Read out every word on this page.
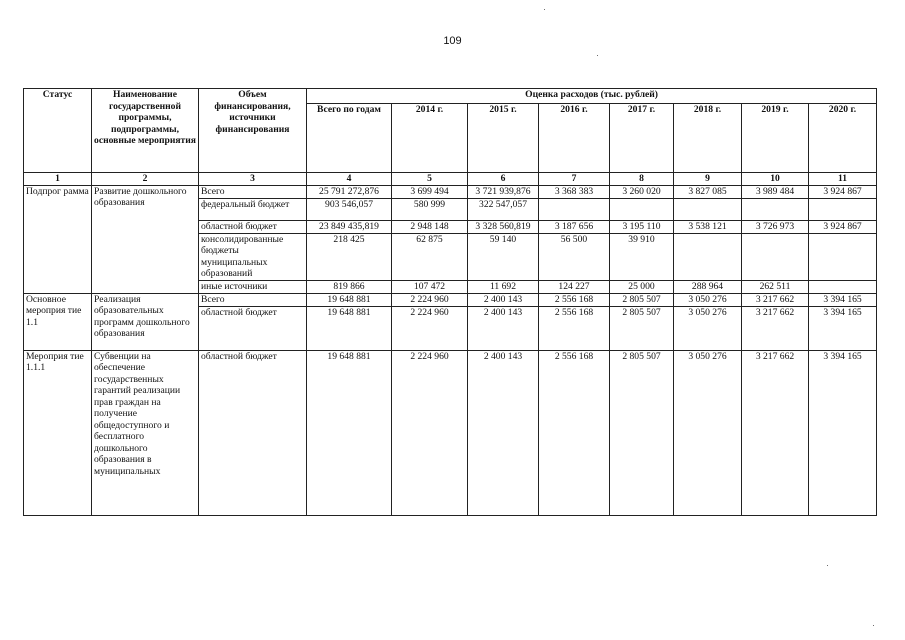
109
Статус	Наименование государственной программы, подпрограммы, основные мероприятия	Объем финансирования, источники финансирования	Оценка расходов (тыс. рублей)							
			Всего по годам	2014 г.	2015 г.	2016 г.	2017 г.	2018 г.	2019 г.	2020 г.
1	2	3	4	5	6	7	8	9	10	11
Подпрог рамма	Развитие дошкольного образования	Всего	25 791 272,876	3 699 494	3 721 939,876	3 368 383	3 260 020	3 827 085	3 989 484	3 924 867
		федеральный бюджет	903 546,057	580 999	322 547,057					
		областной бюджет	23 849 435,819	2 948 148	3 328 560,819	3 187 656	3 195 110	3 538 121	3 726 973	3 924 867
		консолидированные бюджеты муниципальных образований	218 425	62 875	59 140	56 500	39 910			
		иные источники	819 866	107 472	11 692	124 227	25 000	288 964	262 511	
Основное мероприя тие 1.1	Реализация образовательных программ дошкольного образования	Всего	19 648 881	2 224 960	2 400 143	2 556 168	2 805 507	3 050 276	3 217 662	3 394 165
		областной бюджет	19 648 881	2 224 960	2 400 143	2 556 168	2 805 507	3 050 276	3 217 662	3 394 165
Мероприя тие 1.1.1	Субвенции на обеспечение государственных гарантий реализации прав граждан на получение общедоступного и бесплатного дошкольного образования в муниципальных	областной бюджет	19 648 881	2 224 960	2 400 143	2 556 168	2 805 507	3 050 276	3 217 662	3 394 165
·
·
·
·
